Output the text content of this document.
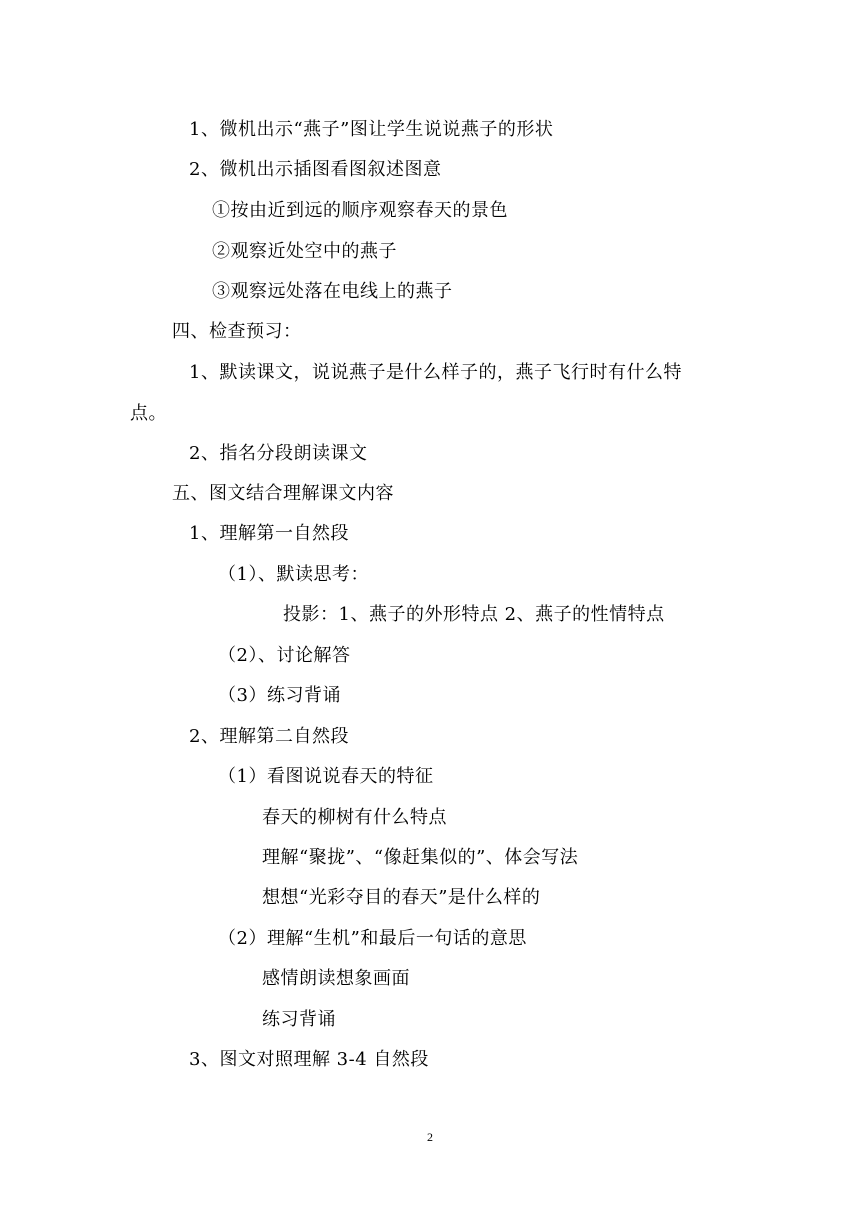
1、微机出示“燕子”图让学生说说燕子的形状
2、微机出示插图看图叙述图意
①按由近到远的顺序观察春天的景色
②观察近处空中的燕子
③观察远处落在电线上的燕子
四、检查预习：
1、默读课文，说说燕子是什么样子的，燕子飞行时有什么特
点。
2、指名分段朗读课文
五、图文结合理解课文内容
1、理解第一自然段
（1）、默读思考：
投影：1、燕子的外形特点 2、燕子的性情特点
（2）、讨论解答
（3）练习背诵
2、理解第二自然段
（1）看图说说春天的特征
春天的柳树有什么特点
理解“聚拢”、“像赶集似的”、体会写法
想想“光彩夺目的春天”是什么样的
（2）理解“生机”和最后一句话的意思
感情朗读想象画面
练习背诵
3、图文对照理解 3-4 自然段
2
